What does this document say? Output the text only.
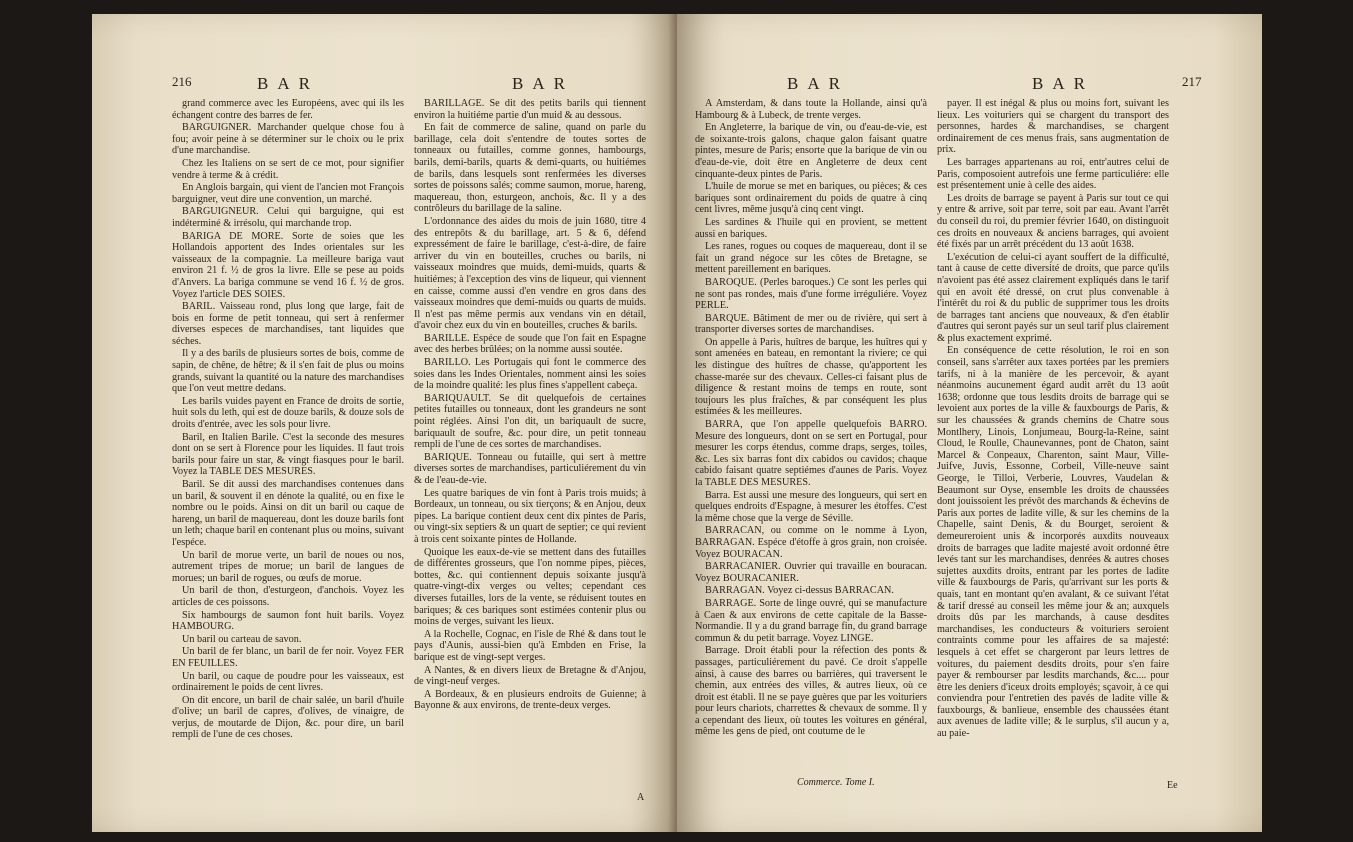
216	BAR	BAR

grand commerce avec les Européens, avec qui ils les échangent contre des barres de fer.

BARGUIGNER. Marchander quelque chose fou à fou; avoir peine à se déterminer sur le choix ou le prix d'une marchandise.

Chez les Italiens on se sert de ce mot, pour signifier vendre à terme & à crédit.

En Anglois bargain, qui vient de l'ancien mot François barguigner, veut dire une convention, un marché.

BARGUIGNEUR. Celui qui barguigne, qui est indéterminé & irrésolu, qui marchande trop.

BARIGA DE MORE. Sorte de soies que les Hollandois apportent des Indes orientales sur les vaisseaux de la compagnie. La meilleure bariga vaut environ 21 f. ½ de gros la livre. Elle se pese au poids d'Anvers. La bariga commune se vend 16 f. ½ de gros. Voyez l'article DES SOIES.

BARIL. Vaisseau rond, plus long que large, fait de bois en forme de petit tonneau, qui sert à renfermer diverses especes de marchandises, tant liquides que séches.

Il y a des barils de plusieurs sortes de bois, comme de sapin, de chêne, de hêtre; & il s'en fait de plus ou moins grands, suivant la quantité ou la nature des marchandises que l'on veut mettre dedans.

Les barils vuides payent en France de droits de sortie, huit sols du leth, qui est de douze barils, & douze sols de droits d'entrée, avec les sols pour livre.

Baril, en Italien Barile. C'est la seconde des mesures dont on se sert à Florence pour les liquides. Il faut trois barils pour faire un star, & vingt fiasques pour le baril. Voyez la TABLE DES MESURES.

Baril. Se dit aussi des marchandises contenues dans un baril, & souvent il en dénote la qualité, ou en fixe le nombre ou le poids. Ainsi on dit un baril ou caque de hareng, un baril de maquereau, dont les douze barils font un leth; chaque baril en contenant plus ou moins, suivant l'espéce.

Un baril de morue verte, un baril de noues ou nos, autrement tripes de morue; un baril de langues de morues; un baril de rogues, ou œufs de morue.

Un baril de thon, d'esturgeon, d'anchois. Voyez les articles de ces poissons.

Six hambourgs de saumon font huit barils. Voyez HAMBOURG.

Un baril ou carteau de savon.

Un baril de fer blanc, un baril de fer noir. Voyez FER EN FEUILLES.

Un baril, ou caque de poudre pour les vaisseaux, est ordinairement le poids de cent livres.

On dit encore, un baril de chair salée, un baril d'huile d'olive; un baril de capres, d'olives, de vinaigre, de verjus, de moutarde de Dijon, &c. pour dire, un baril rempli de l'une de ces choses.

BARILLAGE. Se dit des petits barils qui tiennent environ la huitiéme partie d'un muid & au dessous.

En fait de commerce de saline, quand on parle du barillage, cela doit s'entendre de toutes sortes de tonneaux ou futailles, comme gonnes, hambourgs, barils, demi-barils, quarts & demi-quarts, ou huitiémes de barils, dans lesquels sont renfermées les diverses sortes de poissons salés; comme saumon, morue, hareng, maquereau, thon, esturgeon, anchois, &c. Il y a des contrôleurs du barillage de la saline.

L'ordonnance des aides du mois de juin 1680, titre 4 des entrepôts & du barillage, art. 5 & 6, défend expressément de faire le barillage, c'est-à-dire, de faire arriver du vin en bouteilles, cruches ou barils, ni vaisseaux moindres que muids, demi-muids, quarts & huitiémes; à l'exception des vins de liqueur, qui viennent en caisse, comme aussi d'en vendre en gros dans des vaisseaux moindres que demi-muids ou quarts de muids. Il n'est pas même permis aux vendans vin en détail, d'avoir chez eux du vin en bouteilles, cruches & barils.

BARILLE. Espéce de soude que l'on fait en Espagne avec des herbes brûlées; on la nomme aussi soutée.

BARILLO. Les Portugais qui font le commerce des soies dans les Indes Orientales, nomment ainsi les soies de la moindre qualité: les plus fines s'appellent cabeça.

BARIQUAULT. Se dit quelquefois de certaines petites futailles ou tonneaux, dont les grandeurs ne sont point réglées. Ainsi l'on dit, un bariquault de sucre, bariquault de soufre, &c. pour dire, un petit tonneau rempli de l'une de ces sortes de marchandises.

BARIQUE. Tonneau ou futaille, qui sert à mettre diverses sortes de marchandises, particuliérement du vin & de l'eau-de-vie.

Les quatre bariques de vin font à Paris trois muids; à Bordeaux, un tonneau, ou six tierçons; & en Anjou, deux pipes. La barique contient deux cent dix pintes de Paris, ou vingt-six septiers & un quart de septier; ce qui revient à trois cent soixante pintes de Hollande.

Quoique les eaux-de-vie se mettent dans des futailles de différentes grosseurs, que l'on nomme pipes, pièces, bottes, &c. qui contiennent depuis soixante jusqu'à quatre-vingt-dix verges ou veltes; cependant ces diverses futailles, lors de la vente, se réduisent toutes en bariques; & ces bariques sont estimées contenir plus ou moins de verges, suivant les lieux.

A la Rochelle, Cognac, en l'isle de Rhé & dans tout le pays d'Aunis, aussi-bien qu'à Embden en Frise, la barique est de vingt-sept verges.

A Nantes, & en divers lieux de Bretagne & d'Anjou, de vingt-neuf verges.

A Bordeaux, & en plusieurs endroits de Guienne; à Bayonne & aux environs, de trente-deux verges.

A
BAR	BAR	217

A Amsterdam, & dans toute la Hollande, ainsi qu'à Hambourg & à Lubeck, de trente verges.

En Angleterre, la barique de vin, ou d'eau-de-vie, est de soixante-trois galons, chaque galon faisant quatre pintes, mesure de Paris; ensorte que la barique de vin ou d'eau-de-vie, doit être en Angleterre de deux cent cinquante-deux pintes de Paris.

L'huile de morue se met en bariques, ou pièces; & ces bariques sont ordinairement du poids de quatre à cinq cent livres, même jusqu'à cinq cent vingt.

Les sardines & l'huile qui en provient, se mettent aussi en bariques.

Les ranes, rogues ou coques de maquereau, dont il se fait un grand négoce sur les côtes de Bretagne, se mettent pareillement en bariques.

BAROQUE. (Perles baroques.) Ce sont les perles qui ne sont pas rondes, mais d'une forme irréguliére. Voyez PERLE.

BARQUE. Bâtiment de mer ou de rivière, qui sert à transporter diverses sortes de marchandises.

On appelle à Paris, huîtres de barque, les huîtres qui y sont amenées en bateau, en remontant la riviere; ce qui les distingue des huîtres de chasse, qu'apportent les chasse-marée sur des chevaux. Celles-ci faisant plus de diligence & restant moins de temps en route, sont toujours les plus fraîches, & par conséquent les plus estimées & les meilleures.

BARRA, que l'on appelle quelquefois BARRO. Mesure des longueurs, dont on se sert en Portugal, pour mesurer les corps étendus, comme draps, serges, toiles, &c. Les six barras font dix cabidos ou cavidos; chaque cabido faisant quatre septiémes d'aunes de Paris. Voyez la TABLE DES MESURES.

Barra. Est aussi une mesure des longueurs, qui sert en quelques endroits d'Espagne, à mesurer les étoffes. C'est la même chose que la verge de Séville.

BARRACAN, ou comme on le nomme à Lyon, BARRAGAN. Espéce d'étoffe à gros grain, non croisée. Voyez BOURACAN.

BARRACANIER. Ouvrier qui travaille en bouracan. Voyez BOURACANIER.

BARRAGAN. Voyez ci-dessus BARRACAN.

BARRAGE. Sorte de linge ouvré, qui se manufacture à Caen & aux environs de cette capitale de la Basse-Normandie. Il y a du grand barrage fin, du grand barrage commun & du petit barrage. Voyez LINGE.

Barrage. Droit établi pour la réfection des ponts & passages, particuliérement du pavé. Ce droit s'appelle ainsi, à cause des barres ou barrières, qui traversent le chemin, aux entrées des villes, & autres lieux, où ce droit est établi. Il ne se paye guères que par les voituriers pour leurs chariots, charrettes & chevaux de somme. Il y a cependant des lieux, où toutes les voitures en général, même les gens de pied, ont coutume de le

payer. Il est inégal & plus ou moins fort, suivant les lieux. Les voituriers qui se chargent du transport des personnes, hardes & marchandises, se chargent ordinairement de ces menus frais, sans augmentation de prix.

Les barrages appartenans au roi, entr'autres celui de Paris, composoient autrefois une ferme particuliére: elle est présentement unie à celle des aides.

Les droits de barrage se payent à Paris sur tout ce qui y entre & arrive, soit par terre, soit par eau. Avant l'arrêt du conseil du roi, du premier février 1640, on distinguoit ces droits en nouveaux & anciens barrages, qui avoient été fixés par un arrêt précédent du 13 août 1638.

L'exécution de celui-ci ayant souffert de la difficulté, tant à cause de cette diversité de droits, que parce qu'ils n'avoient pas été assez clairement expliqués dans le tarif qui en avoit été dressé, on crut plus convenable à l'intérêt du roi & du public de supprimer tous les droits de barrages tant anciens que nouveaux, & d'en établir d'autres qui seront payés sur un seul tarif plus clairement & plus exactement exprimé.

En conséquence de cette résolution, le roi en son conseil, sans s'arrêter aux taxes portées par les premiers tarifs, ni à la manière de les percevoir, & ayant néanmoins aucunement égard audit arrêt du 13 août 1638; ordonne que tous lesdits droits de barrage qui se levoient aux portes de la ville & fauxbourgs de Paris, & sur les chaussées & grands chemins de Chatre sous Montlhery, Linois, Lonjumeau, Bourg-la-Reine, saint Cloud, le Roulle, Chaunevannes, pont de Chaton, saint Marcel & Conpeaux, Charenton, saint Maur, Ville-Juifve, Juvis, Essonne, Corbeil, Ville-neuve saint George, le Tilloi, Verberie, Louvres, Vaudelan & Beaumont sur Oyse, ensemble les droits de chaussées dont jouissoient les prévôt des marchands & échevins de Paris aux portes de ladite ville, & sur les chemins de la Chapelle, saint Denis, & du Bourget, seroient & demeureroient unis & incorporés auxdits nouveaux droits de barrages que ladite majesté avoit ordonné être levés tant sur les marchandises, denrées & autres choses sujettes auxdits droits, entrant par les portes de ladite ville & fauxbourgs de Paris, qu'arrivant sur les ports & quais, tant en montant qu'en avalant, & ce suivant l'état & tarif dressé au conseil les même jour & an; auxquels droits dûs par les marchands, à cause desdites marchandises, les conducteurs & voituriers seroient contraints comme pour les affaires de sa majesté: lesquels à cet effet se chargeront par leurs lettres de voitures, du paiement desdits droits, pour s'en faire payer & rembourser par lesdits marchands, &c.... pour être les deniers d'iceux droits employés; sçavoir, à ce qui conviendra pour l'entretien des pavés de ladite ville & fauxbourgs, & banlieue, ensemble des chaussées étant aux avenues de ladite ville; & le surplus, s'il aucun y a, au paie-

Commerce. Tome I.	Ee
